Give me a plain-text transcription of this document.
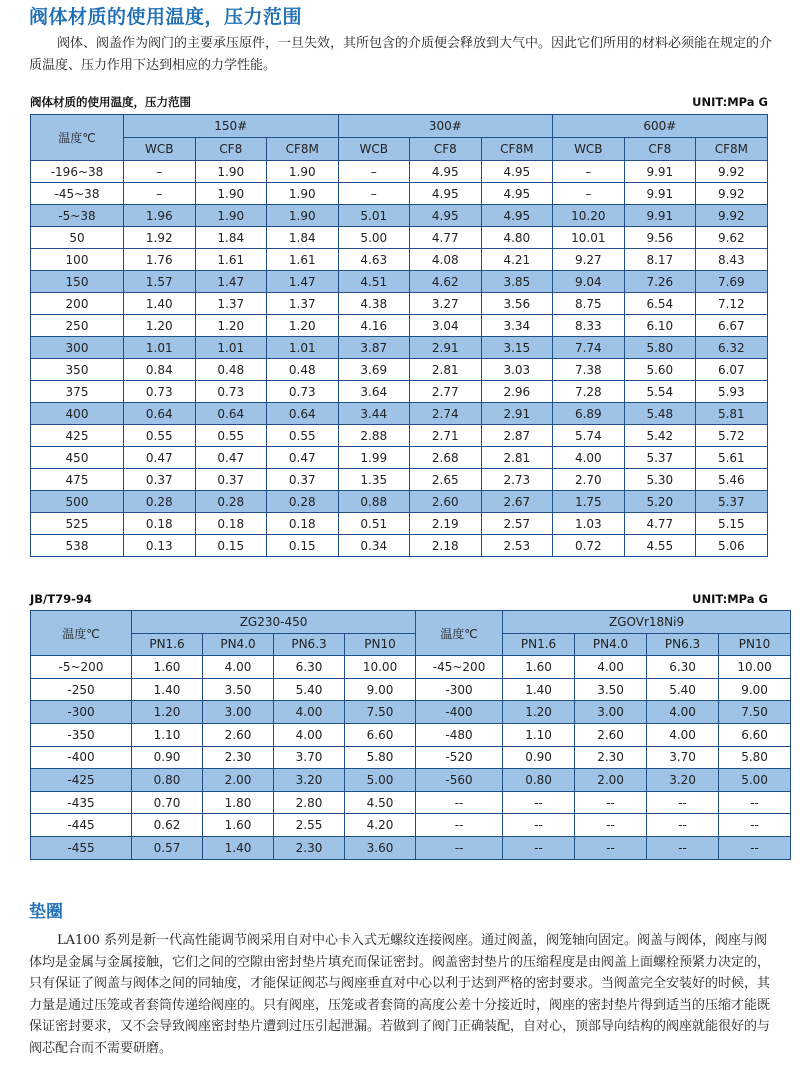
阀体材质的使用温度，压力范围
阀体、阀盖作为阀门的主要承压原件，一旦失效，其所包含的介质便会释放到大气中。因此它们所用的材料必须能在规定的介质温度、压力作用下达到相应的力学性能。
阀体材质的使用温度，压力范围	UNIT:MPa G
温度℃	150#			300#			600#		
	WCB	CF8	CF8M	WCB	CF8	CF8M	WCB	CF8	CF8M
-196~38	–	1.90	1.90	–	4.95	4.95	–	9.91	9.92
-45~38	–	1.90	1.90	–	4.95	4.95	–	9.91	9.92
-5~38	1.96	1.90	1.90	5.01	4.95	4.95	10.20	9.91	9.92
50	1.92	1.84	1.84	5.00	4.77	4.80	10.01	9.56	9.62
100	1.76	1.61	1.61	4.63	4.08	4.21	9.27	8.17	8.43
150	1.57	1.47	1.47	4.51	4.62	3.85	9.04	7.26	7.69
200	1.40	1.37	1.37	4.38	3.27	3.56	8.75	6.54	7.12
250	1.20	1.20	1.20	4.16	3.04	3.34	8.33	6.10	6.67
300	1.01	1.01	1.01	3.87	2.91	3.15	7.74	5.80	6.32
350	0.84	0.48	0.48	3.69	2.81	3.03	7.38	5.60	6.07
375	0.73	0.73	0.73	3.64	2.77	2.96	7.28	5.54	5.93
400	0.64	0.64	0.64	3.44	2.74	2.91	6.89	5.48	5.81
425	0.55	0.55	0.55	2.88	2.71	2.87	5.74	5.42	5.72
450	0.47	0.47	0.47	1.99	2.68	2.81	4.00	5.37	5.61
475	0.37	0.37	0.37	1.35	2.65	2.73	2.70	5.30	5.46
500	0.28	0.28	0.28	0.88	2.60	2.67	1.75	5.20	5.37
525	0.18	0.18	0.18	0.51	2.19	2.57	1.03	4.77	5.15
538	0.13	0.15	0.15	0.34	2.18	2.53	0.72	4.55	5.06
JB/T79-94	UNIT:MPa G
温度℃	ZG230-450				温度℃	ZGOVr18Ni9			
	PN1.6	PN4.0	PN6.3	PN10		PN1.6	PN4.0	PN6.3	PN10
-5~200	1.60	4.00	6.30	10.00	-45~200	1.60	4.00	6.30	10.00
-250	1.40	3.50	5.40	9.00	-300	1.40	3.50	5.40	9.00
-300	1.20	3.00	4.00	7.50	-400	1.20	3.00	4.00	7.50
-350	1.10	2.60	4.00	6.60	-480	1.10	2.60	4.00	6.60
-400	0.90	2.30	3.70	5.80	-520	0.90	2.30	3.70	5.80
-425	0.80	2.00	3.20	5.00	-560	0.80	2.00	3.20	5.00
-435	0.70	1.80	2.80	4.50	--	--	--	--	--
-445	0.62	1.60	2.55	4.20	--	--	--	--	--
-455	0.57	1.40	2.30	3.60	--	--	--	--	--
垫圈
LA100 系列是新一代高性能调节阀采用自对中心卡入式无螺纹连接阀座。通过阀盖，阀笼轴向固定。阀盖与阀体，阀座与阀体均是金属与金属接触，它们之间的空隙由密封垫片填充而保证密封。阀盖密封垫片的压缩程度是由阀盖上面螺栓预紧力决定的，只有保证了阀盖与阀体之间的同轴度，才能保证阀芯与阀座垂直对中心以利于达到严格的密封要求。当阀盖完全安装好的时候，其力量是通过压笼或者套筒传递给阀座的。只有阀座，压笼或者套筒的高度公差十分接近时，阀座的密封垫片得到适当的压缩才能既保证密封要求，又不会导致阀座密封垫片遭到过压引起泄漏。若做到了阀门正确装配，自对心，顶部导向结构的阀座就能很好的与阀芯配合而不需要研磨。
